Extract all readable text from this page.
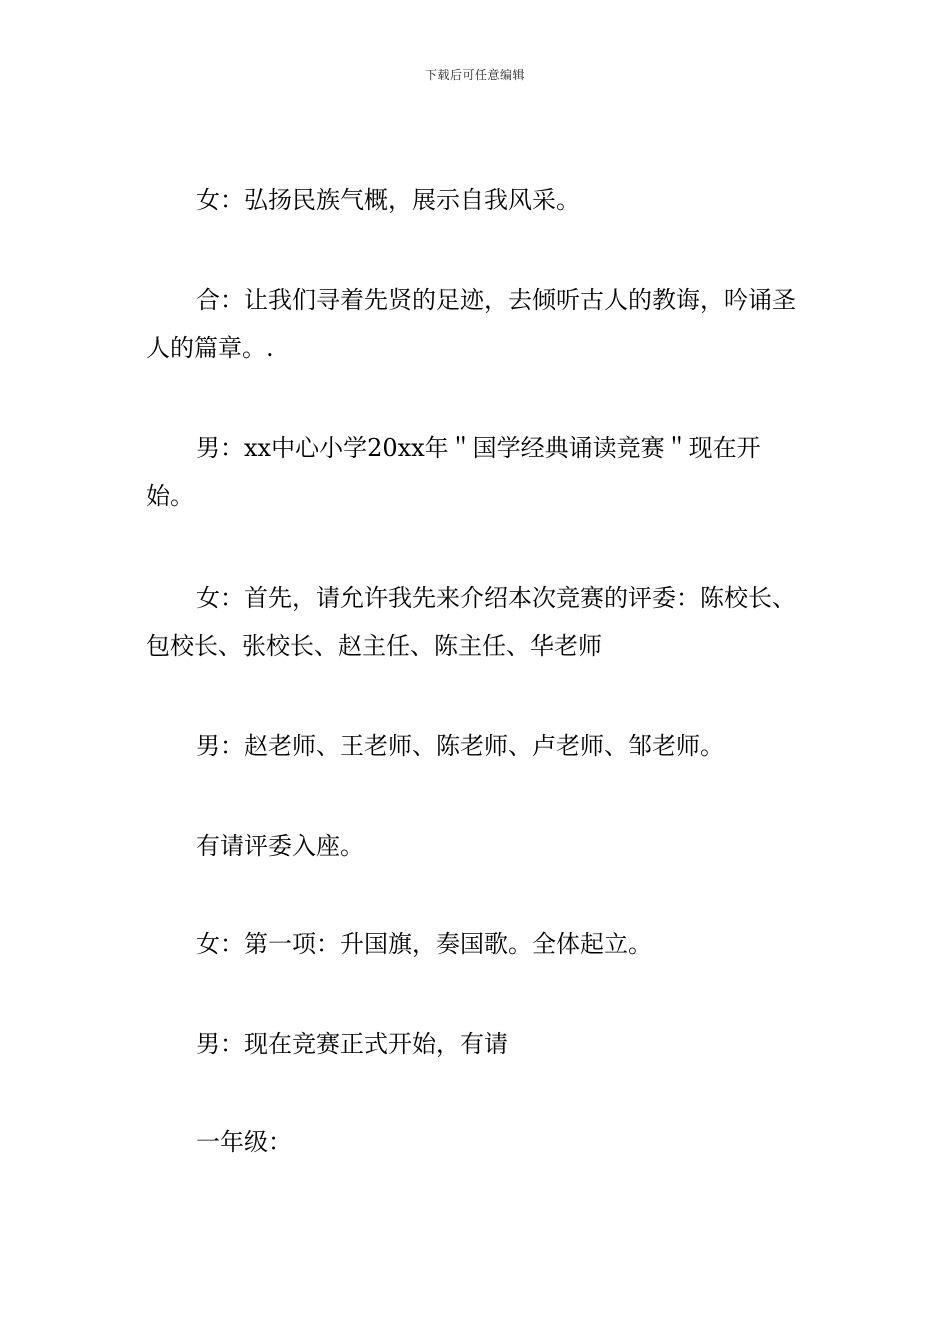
下载后可任意编辑

女：弘扬民族气概，展示自我风采。

合：让我们寻着先贤的足迹，去倾听古人的教诲，吟诵圣人的篇章。.

男：xx中心小学20xx年＂国学经典诵读竞赛＂现在开始。

女：首先，请允许我先来介绍本次竞赛的评委：陈校长、包校长、张校长、赵主任、陈主任、华老师

男：赵老师、王老师、陈老师、卢老师、邹老师。

有请评委入座。

女：第一项：升国旗，奏国歌。全体起立。

男：现在竞赛正式开始，有请

一年级：
